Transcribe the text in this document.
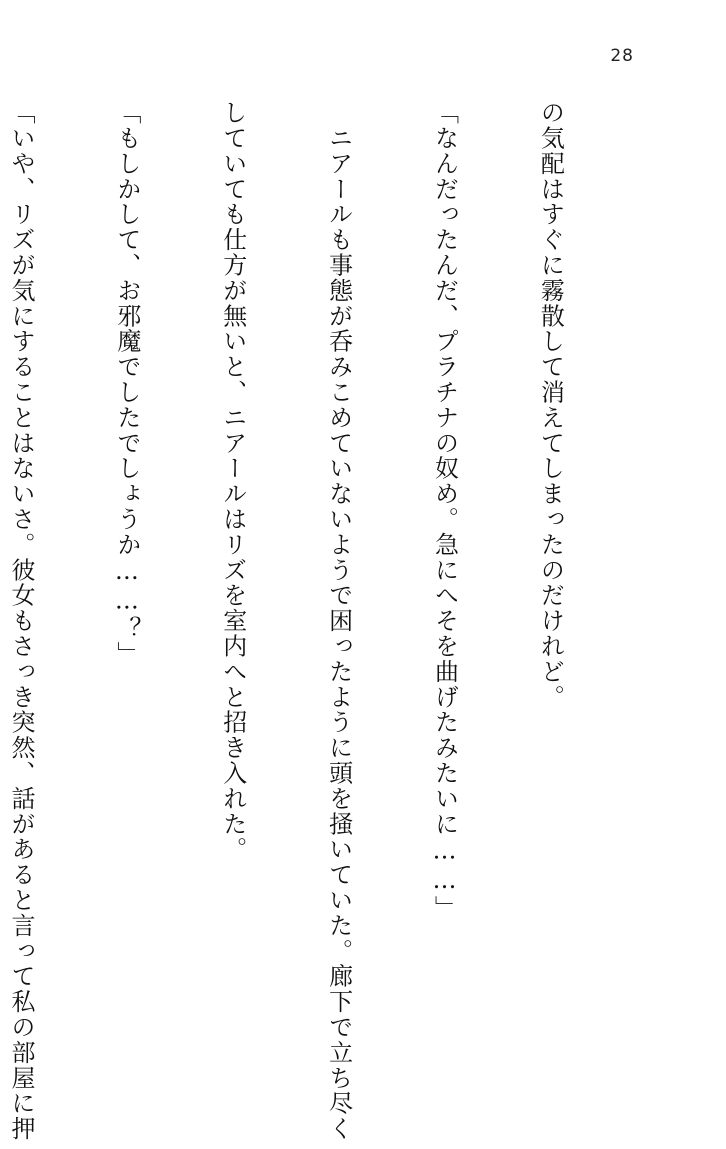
28

の気配はすぐに霧散して消えてしまったのだけれど。

「なんだったんだ、プラチナの奴め。急にへそを曲げたみたいに……」

　ニアールも事態が呑みこめていないようで困ったように頭を掻いていた。廊下で立ち尽く

していても仕方が無いと、ニアールはリズを室内へと招き入れた。

「もしかして、お邪魔でしたでしょうか……？」

「いや、リズが気にすることはないさ。彼女もさっき突然、話があると言って私の部屋に押
